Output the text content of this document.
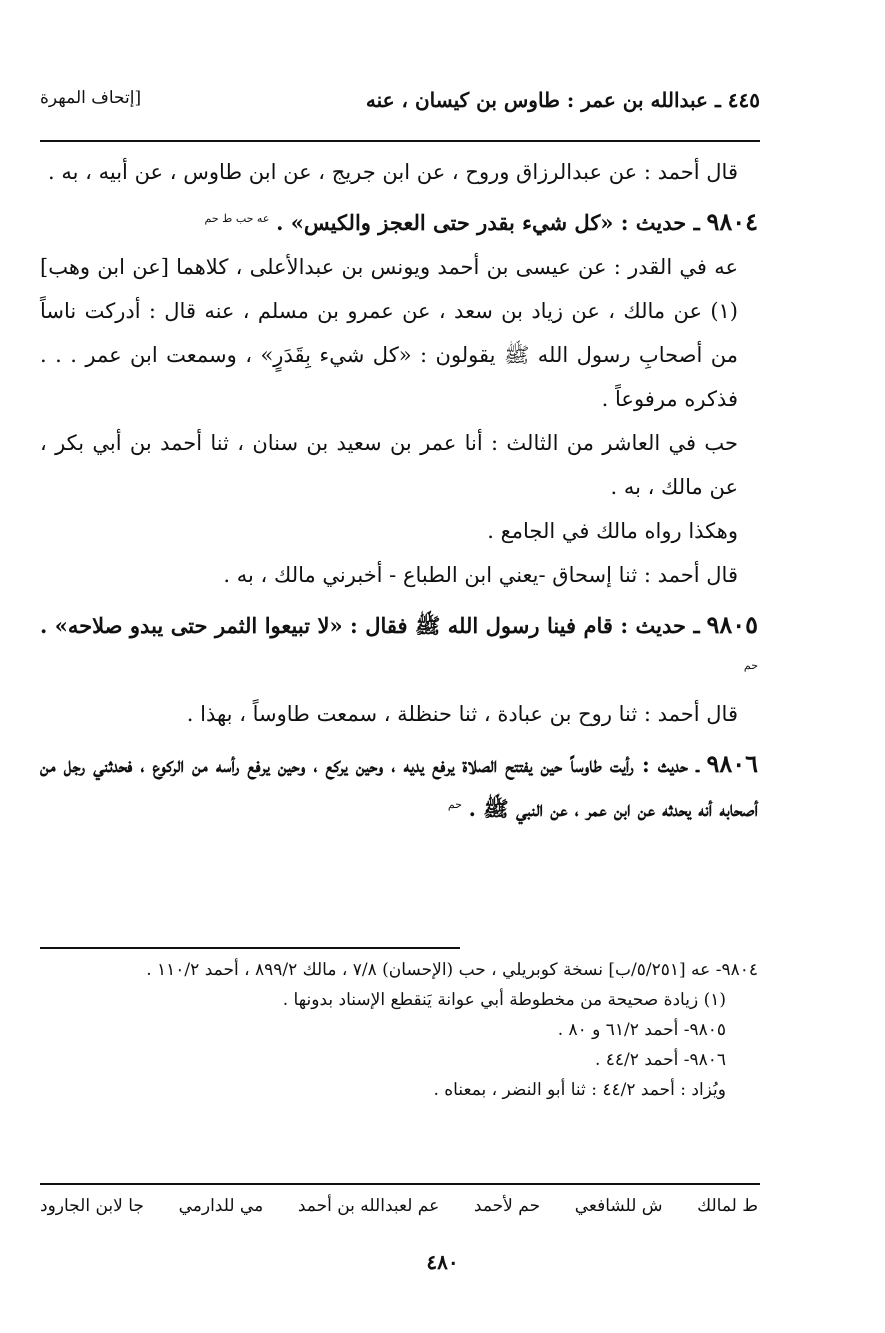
٤٤٥ ـ عبدالله بن عمر : طاوس بن كيسان ، عنه
[إتحاف المهرة

قال أحمد : عن عبدالرزاق وروح ، عن ابن جريج ، عن ابن طاوس ، عن أبيه ، به .

٩٨٠٤ ـ حديث : «كل شيء بقدر حتى العجز والكيس» . $^{عه حب ط حم}$

عه في القدر : عن عيسى بن أحمد ويونس بن عبدالأعلى ، كلاهما [عن ابن وهب](١) عن مالك ، عن زياد بن سعد ، عن عمرو بن مسلم ، عنه قال : أدركت ناساً من أصحابِ رسول الله ﷺ يقولون : «كل شيء بِقَدَرٍ» ، وسمعت ابن عمر . . . فذكره مرفوعاً .

حب في العاشر من الثالث : أنا عمر بن سعيد بن سنان ، ثنا أحمد بن أبي بكر ، عن مالك ، به .

وهكذا رواه مالك في الجامع .

قال أحمد : ثنا إسحاق -يعني ابن الطباع - أخبرني مالك ، به .

٩٨٠٥ ـ حديث : قام فينا رسول الله ﷺ فقال : «لا تبيعوا الثمر حتى يبدو صلاحه» . $^{حم}$

قال أحمد : ثنا روح بن عبادة ، ثنا حنظلة ، سمعت طاوساً ، بهذا .

٩٨٠٦ ـ حديث : رأيت طاوساً حين يفتتح الصلاة يرفع يديه ، وحين يركع ، وحين يرفع رأسه من الركوع ، فحدثني رجل من أصحابه أنه يحدثه عن ابن عمر ، عن النبي ﷺ . $^{حم}$

٩٨٠٤- عه [٥/٢٥١/ب] نسخة كوبريلي ، حب (الإحسان) ٧/٨ ، مالك ٨٩٩/٢ ، أحمد ١١٠/٢ .

(١) زيادة صحيحة من مخطوطة أبي عوانة يَنقطع الإسناد بدونها .

٩٨٠٥- أحمد ٦١/٢ و ٨٠ .

٩٨٠٦- أحمد ٤٤/٢ .

ويُزاد : أحمد ٤٤/٢ : ثنا أبو النضر ، بمعناه .

ط لمالك
ش للشافعي
حم لأحمد
عم لعبدالله بن أحمد
مي للدارمي
جا لابن الجارود
٤٨٠
